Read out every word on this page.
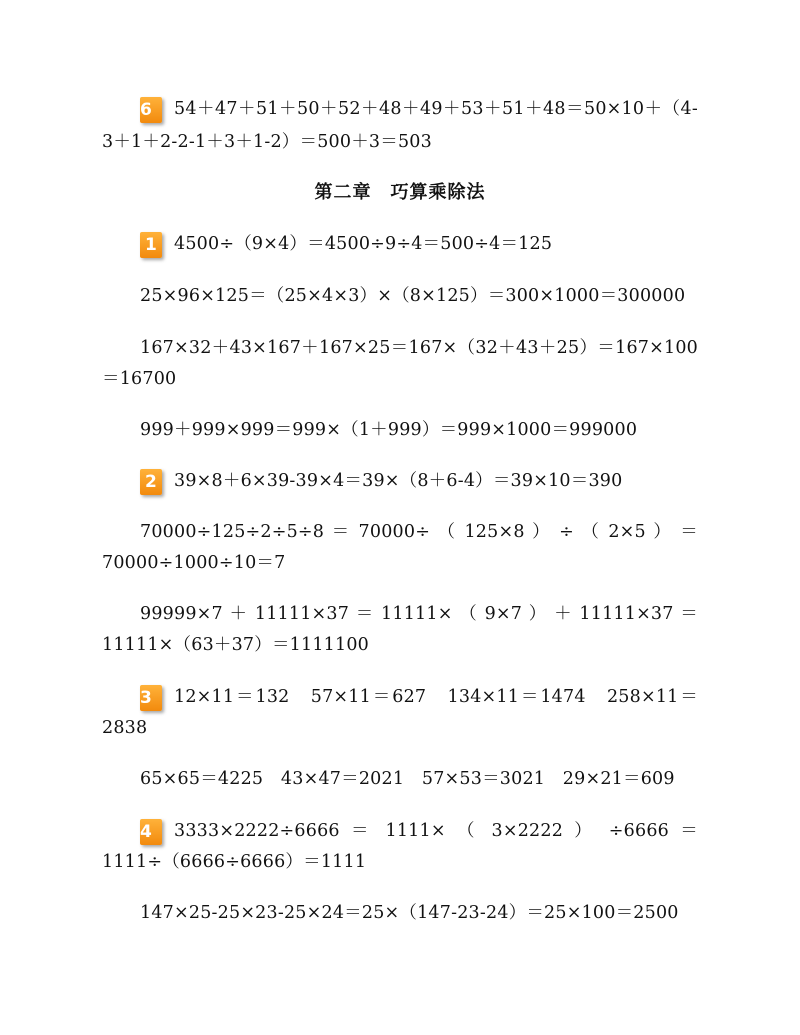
6 54＋47＋51＋50＋52＋48＋49＋53＋51＋48＝50×10＋（4-
3＋1＋2-2-1＋3＋1-2）＝500＋3＝503
第二章　巧算乘除法
1 4500÷（9×4）＝4500÷9÷4＝500÷4＝125
25×96×125＝（25×4×3）×（8×125）＝300×1000＝300000
167×32＋43×167＋167×25＝167×（32＋43＋25）＝167×100
＝16700
999＋999×999＝999×（1＋999）＝999×1000＝999000
2 39×8＋6×39-39×4＝39×（8＋6-4）＝39×10＝390
70000÷125÷2÷5÷8 ＝ 70000÷ （ 125×8 ） ÷ （ 2×5 ） ＝
70000÷1000÷10＝7
99999×7 ＋ 11111×37 ＝ 11111× （ 9×7 ） ＋ 11111×37 ＝
11111×（63＋37）＝1111100
3 12×11＝132　57×11＝627　134×11＝1474　258×11＝
2838
65×65＝4225　43×47＝2021　57×53＝3021　29×21＝609
4 3333×2222÷6666 ＝ 1111× （ 3×2222 ） ÷6666 ＝
1111÷（6666÷6666）＝1111
147×25-25×23-25×24＝25×（147-23-24）＝25×100＝2500
